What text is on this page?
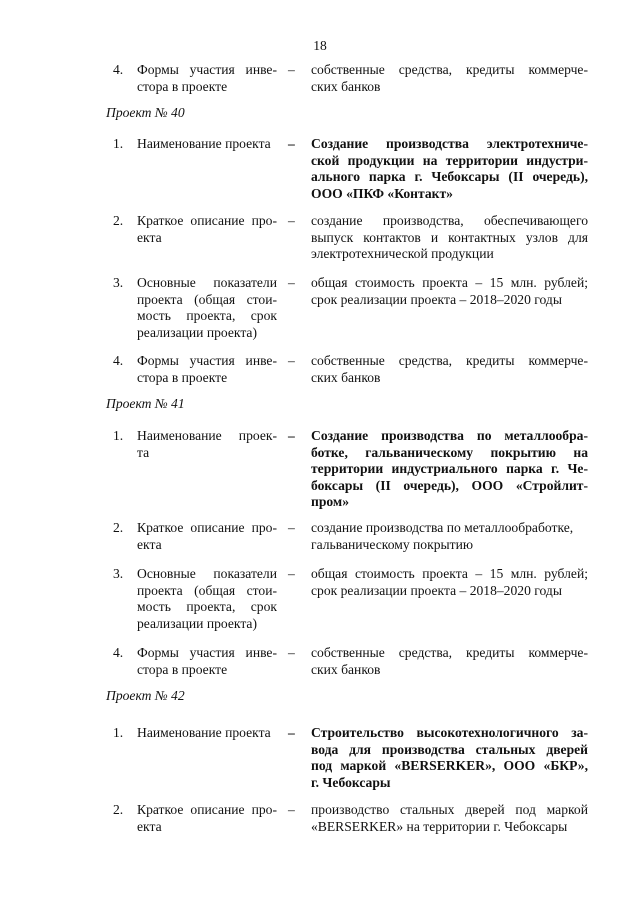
18
4.	Формы участия инве-
стора в проекте
– собственные средства, кредиты коммерче-
ских банков
Проект № 40
1.	Наименование проекта	– Создание производства электротехниче-
ской продукции на территории индустри-
ального парка г. Чебоксары (II очередь),
ООО «ПКФ «Контакт»
2.	Краткое описание про-
екта
– создание производства, обеспечивающего
выпуск контактов и контактных узлов для
электротехнической продукции
3.	Основные показатели
проекта (общая стои-
мость проекта, срок
реализации проекта)
– общая стоимость проекта – 15 млн. рублей;
срок реализации проекта – 2018–2020 годы
4.	Формы участия инве-
стора в проекте
– собственные средства, кредиты коммерче-
ских банков
Проект № 41
1.	Наименование проек-
та
– Создание производства по металлообра-
ботке, гальваническому покрытию на
территории индустриального парка г. Че-
боксары (II очередь), ООО «Стройлит-
пром»
2.	Краткое описание про-
екта
– создание производства по металлообработке,
гальваническому покрытию
3.	Основные показатели
проекта (общая стои-
мость проекта, срок
реализации проекта)
– общая стоимость проекта – 15 млн. рублей;
срок реализации проекта – 2018–2020 годы
4.	Формы участия инве-
стора в проекте
– собственные средства, кредиты коммерче-
ских банков
Проект № 42
1.	Наименование проекта	– Строительство высокотехнологичного за-
вода для производства стальных дверей
под маркой «BERSERKER», ООО «БКР»,
г. Чебоксары
2.	Краткое описание про-
екта
– производство стальных дверей под маркой
«BERSERKER» на территории г. Чебоксары
